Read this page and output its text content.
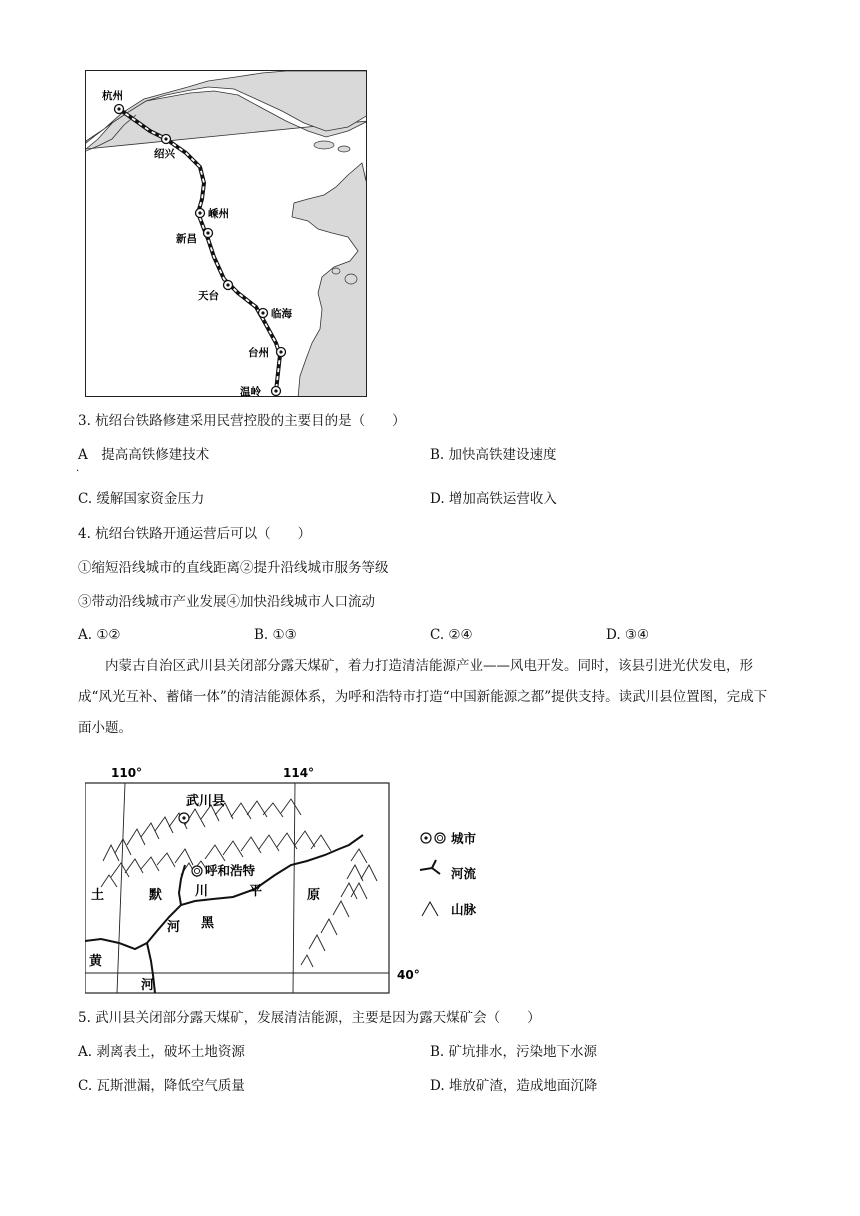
杭州
绍兴
嵊州
新昌
天台
临海
台州
温岭
3. 杭绍台铁路修建采用民营控股的主要目的是（　　）
A　提高高铁修建技术
·
B. 加快高铁建设速度
C. 缓解国家资金压力	D. 增加高铁运营收入
4. 杭绍台铁路开通运营后可以（　　）
①缩短沿线城市的直线距离②提升沿线城市服务等级
③带动沿线城市产业发展④加快沿线城市人口流动
A. ①②	B. ①③	C. ②④	D. ③④
内蒙古自治区武川县关闭部分露天煤矿，着力打造清洁能源产业——风电开发。同时，该县引进光伏发电，形成“风光互补、蓄储一体”的清洁能源体系，为呼和浩特市打造“中国新能源之都”提供支持。读武川县位置图，完成下面小题。
110°	114°
40°
武川县
呼和浩特
土	默	川	平	原
河 黑
黄
河
城市
河流
山脉
5. 武川县关闭部分露天煤矿，发展清洁能源，主要是因为露天煤矿会（　　）
A. 剥离表土，破坏土地资源	B. 矿坑排水，污染地下水源
C. 瓦斯泄漏，降低空气质量	D. 堆放矿渣，造成地面沉降
